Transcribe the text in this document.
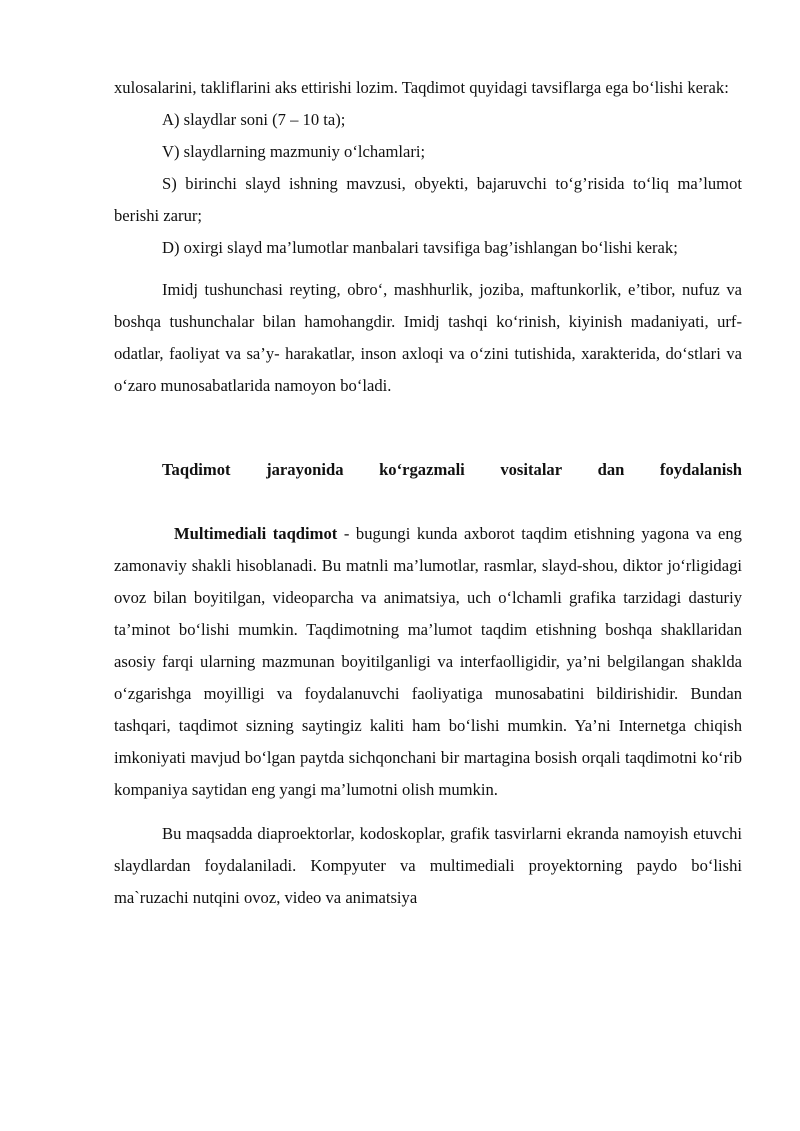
xulosalarini, takliflarini aks ettirishi lozim. Taqdimot quyidagi tavsiflarga ega bo‘lishi kerak:

A) slaydlar soni (7 – 10 ta);

V) slaydlarning mazmuniy o‘lchamlari;

S) birinchi slayd ishning mavzusi, obyekti, bajaruvchi to‘g’risida to‘liq ma’lumot berishi zarur;

D) oxirgi slayd ma’lumotlar manbalari tavsifiga bag’ishlangan bo‘lishi kerak;

Imidj tushunchasi reyting, obro‘, mashhurlik, joziba, maftunkorlik, e’tibor, nufuz va boshqa tushunchalar bilan hamohangdir. Imidj tashqi ko‘rinish, kiyinish madaniyati, urf-odatlar, faoliyat va sa’y- harakatlar, inson axloqi va o‘zini tutishida, xarakterida, do‘stlari va o‘zaro munosabatlarida namoyon bo‘ladi.

Taqdimot jarayonida ko‘rgazmali vositalar dan foydalanish

Multimediali taqdimot - bugungi kunda axborot taqdim etishning yagona va eng zamonaviy shakli hisoblanadi. Bu matnli ma’lumotlar, rasmlar, slayd-shou, diktor jo‘rligidagi ovoz bilan boyitilgan, videoparcha va animatsiya, uch o‘lchamli grafika tarzidagi dasturiy ta’minot bo‘lishi mumkin. Taqdimotning ma’lumot taqdim etishning boshqa shakllaridan asosiy farqi ularning mazmunan boyitilganligi va interfaolligidir, ya’ni belgilangan shaklda o‘zgarishga moyilligi va foydalanuvchi faoliyatiga munosabatini bildirishidir. Bundan tashqari, taqdimot sizning saytingiz kaliti ham bo‘lishi mumkin. Ya’ni Internetga chiqish imkoniyati mavjud bo‘lgan paytda sichqonchani bir martagina bosish orqali taqdimotni ko‘rib kompaniya saytidan eng yangi ma’lumotni olish mumkin.

Bu maqsadda diaproektorlar, kodoskoplar, grafik tasvirlarni ekranda namoyish etuvchi slaydlardan foydalaniladi. Kompyuter va multimediali proyektorning paydo bo‘lishi ma`ruzachi nutqini ovoz, video va animatsiya
